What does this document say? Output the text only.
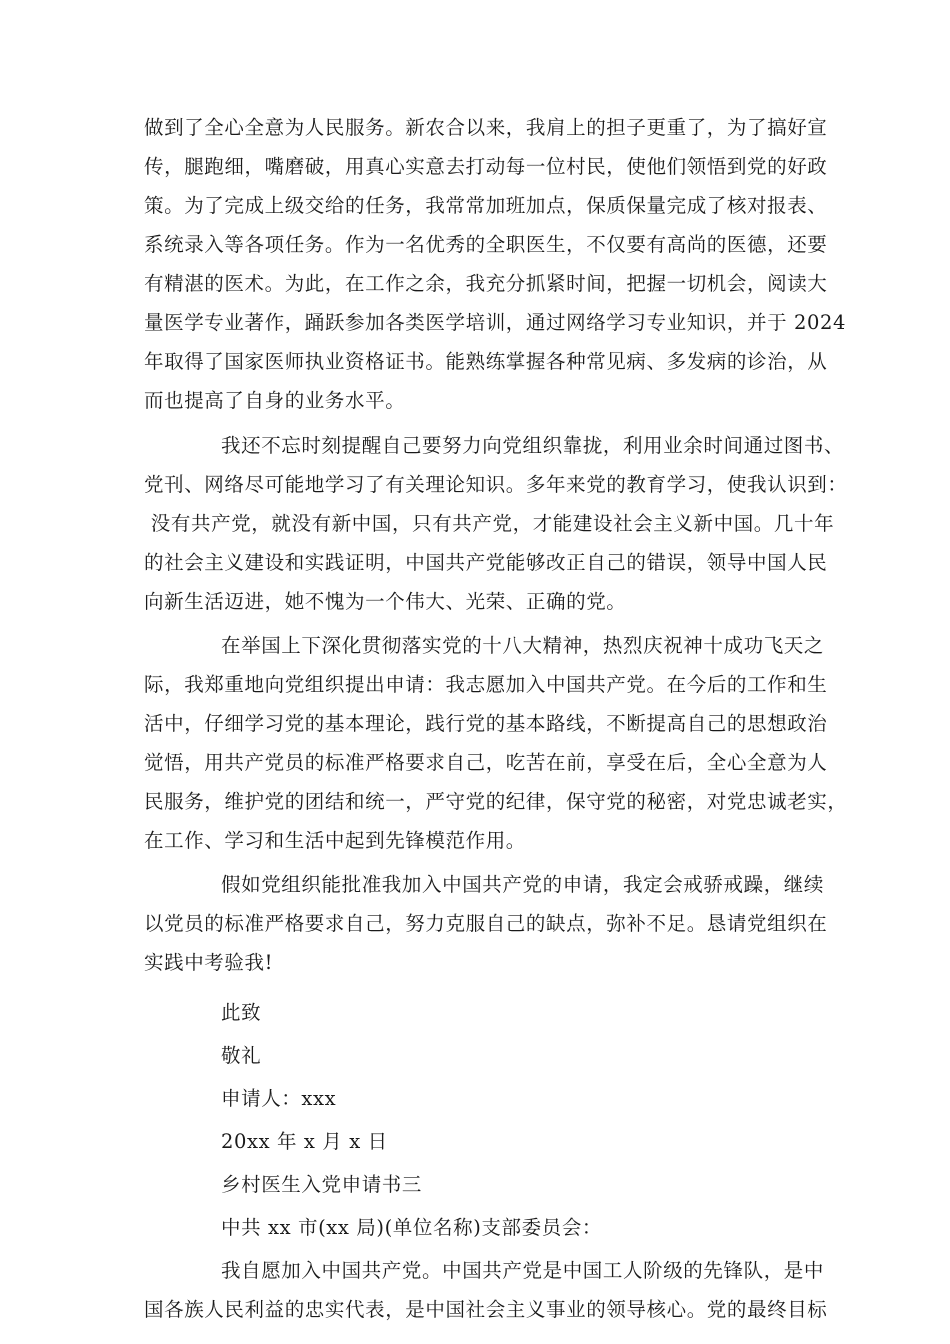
做到了全心全意为人民服务。新农合以来，我肩上的担子更重了，为了搞好宣
传，腿跑细，嘴磨破，用真心实意去打动每一位村民，使他们领悟到党的好政
策。为了完成上级交给的任务，我常常加班加点，保质保量完成了核对报表、
系统录入等各项任务。作为一名优秀的全职医生，不仅要有高尚的医德，还要
有精湛的医术。为此，在工作之余，我充分抓紧时间，把握一切机会，阅读大
量医学专业著作，踊跃参加各类医学培训，通过网络学习专业知识，并于 2024
年取得了国家医师执业资格证书。能熟练掌握各种常见病、多发病的诊治，从
而也提高了自身的业务水平。
我还不忘时刻提醒自己要努力向党组织靠拢，利用业余时间通过图书、
党刊、网络尽可能地学习了有关理论知识。多年来党的教育学习，使我认识到：
没有共产党，就没有新中国，只有共产党，才能建设社会主义新中国。几十年
的社会主义建设和实践证明，中国共产党能够改正自己的错误，领导中国人民
向新生活迈进，她不愧为一个伟大、光荣、正确的党。
在举国上下深化贯彻落实党的十八大精神，热烈庆祝神十成功飞天之
际，我郑重地向党组织提出申请：我志愿加入中国共产党。在今后的工作和生
活中，仔细学习党的基本理论，践行党的基本路线，不断提高自己的思想政治
觉悟，用共产党员的标准严格要求自己，吃苦在前，享受在后，全心全意为人
民服务，维护党的团结和统一，严守党的纪律，保守党的秘密，对党忠诚老实，
在工作、学习和生活中起到先锋模范作用。
假如党组织能批准我加入中国共产党的申请，我定会戒骄戒躁，继续
以党员的标准严格要求自己，努力克服自己的缺点，弥补不足。恳请党组织在
实践中考验我!
此致
敬礼
申请人：xxx
20xx 年 x 月 x 日
乡村医生入党申请书三
中共 xx 市(xx 局)(单位名称)支部委员会：
我自愿加入中国共产党。中国共产党是中国工人阶级的先锋队，是中
国各族人民利益的忠实代表，是中国社会主义事业的领导核心。党的最终目标
